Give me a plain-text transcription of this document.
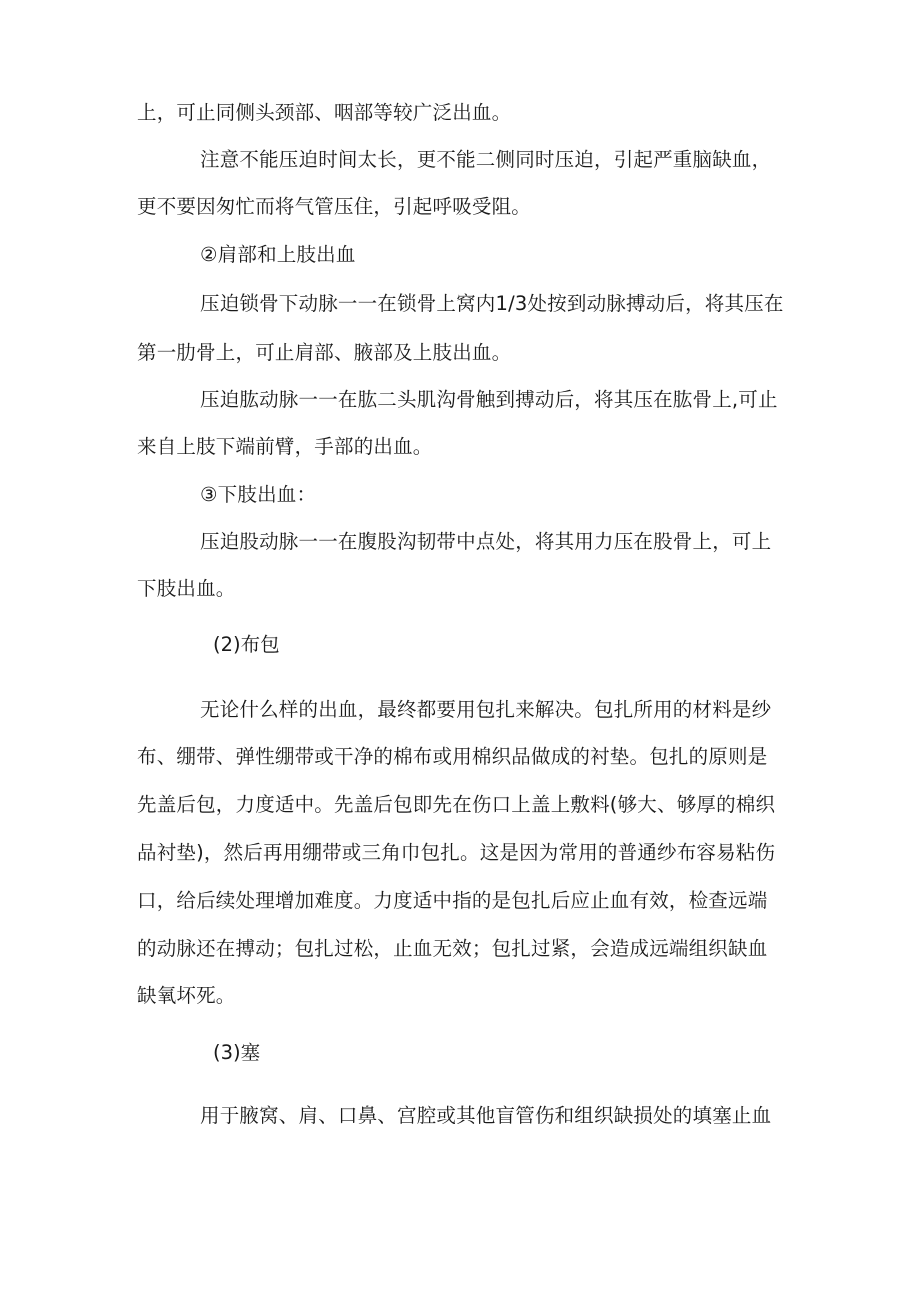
上，可止同侧头颈部、咽部等较广泛出血。
注意不能压迫时间太长，更不能二侧同时压迫，引起严重脑缺血，
更不要因匆忙而将气管压住，引起呼吸受阻。
②肩部和上肢出血
压迫锁骨下动脉一一在锁骨上窝内1/3处按到动脉搏动后，将其压在
第一肋骨上，可止肩部、腋部及上肢出血。
压迫肱动脉一一在肱二头肌沟骨触到搏动后，将其压在肱骨上,可止
来自上肢下端前臂，手部的出血。
③下肢出血：
压迫股动脉一一在腹股沟韧带中点处，将其用力压在股骨上，可上
下肢出血。
(2)布包
无论什么样的出血，最终都要用包扎来解决。包扎所用的材料是纱
布、绷带、弹性绷带或干净的棉布或用棉织品做成的衬垫。包扎的原则是
先盖后包，力度适中。先盖后包即先在伤口上盖上敷料(够大、够厚的棉织
品衬垫)，然后再用绷带或三角巾包扎。这是因为常用的普通纱布容易粘伤
口，给后续处理增加难度。力度适中指的是包扎后应止血有效，检查远端
的动脉还在搏动；包扎过松，止血无效；包扎过紧，会造成远端组织缺血
缺氧坏死。
(3)塞
用于腋窝、肩、口鼻、宫腔或其他盲管伤和组织缺损处的填塞止血
